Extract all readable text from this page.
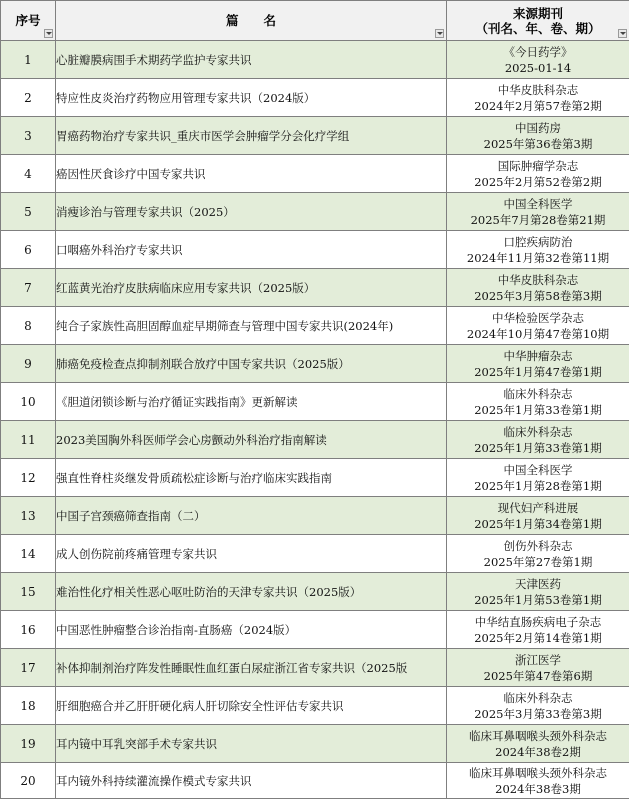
序号	篇　　名	来源期刊
（刊名、年、卷、期）

1	心脏瓣膜病围手术期药学监护专家共识	《今日药学》
2025-01-14

2	特应性皮炎治疗药物应用管理专家共识（2024版）	中华皮肤科杂志
2024年2月第57卷第2期

3	胃癌药物治疗专家共识_重庆市医学会肿瘤学分会化疗学组	中国药房
2025年第36卷第3期

4	癌因性厌食诊疗中国专家共识	国际肿瘤学杂志
2025年2月第52卷第2期

5	消瘦诊治与管理专家共识（2025）	中国全科医学
2025年7月第28卷第21期

6	口咽癌外科治疗专家共识	口腔疾病防治
2024年11月第32卷第11期

7	红蓝黄光治疗皮肤病临床应用专家共识（2025版）	中华皮肤科杂志
2025年3月第58卷第3期

8	纯合子家族性高胆固醇血症早期筛查与管理中国专家共识(2024年)	中华检验医学杂志
2024年10月第47卷第10期

9	肺癌免疫检查点抑制剂联合放疗中国专家共识（2025版）	中华肿瘤杂志
2025年1月第47卷第1期

10	《胆道闭锁诊断与治疗循证实践指南》更新解读	临床外科杂志
2025年1月第33卷第1期

11	2023美国胸外科医师学会心房颤动外科治疗指南解读	临床外科杂志
2025年1月第33卷第1期

12	强直性脊柱炎继发骨质疏松症诊断与治疗临床实践指南	中国全科医学
2025年1月第28卷第1期

13	中国子宫颈癌筛查指南（二）	现代妇产科进展
2025年1月第34卷第1期

14	成人创伤院前疼痛管理专家共识	创伤外科杂志
2025年第27卷第1期

15	难治性化疗相关性恶心呕吐防治的天津专家共识（2025版）	天津医药
2025年1月第53卷第1期

16	中国恶性肿瘤整合诊治指南-直肠癌（2024版）	中华结直肠疾病电子杂志
2025年2月第14卷第1期

17	补体抑制剂治疗阵发性睡眠性血红蛋白尿症浙江省专家共识（2025版	浙江医学
2025年第47卷第6期

18	肝细胞癌合并乙肝肝硬化病人肝切除安全性评估专家共识	临床外科杂志
2025年3月第33卷第3期

19	耳内镜中耳乳突部手术专家共识	临床耳鼻咽喉头颈外科杂志
2024年38卷2期

20	耳内镜外科持续灌流操作模式专家共识	临床耳鼻咽喉头颈外科杂志
2024年38卷3期
